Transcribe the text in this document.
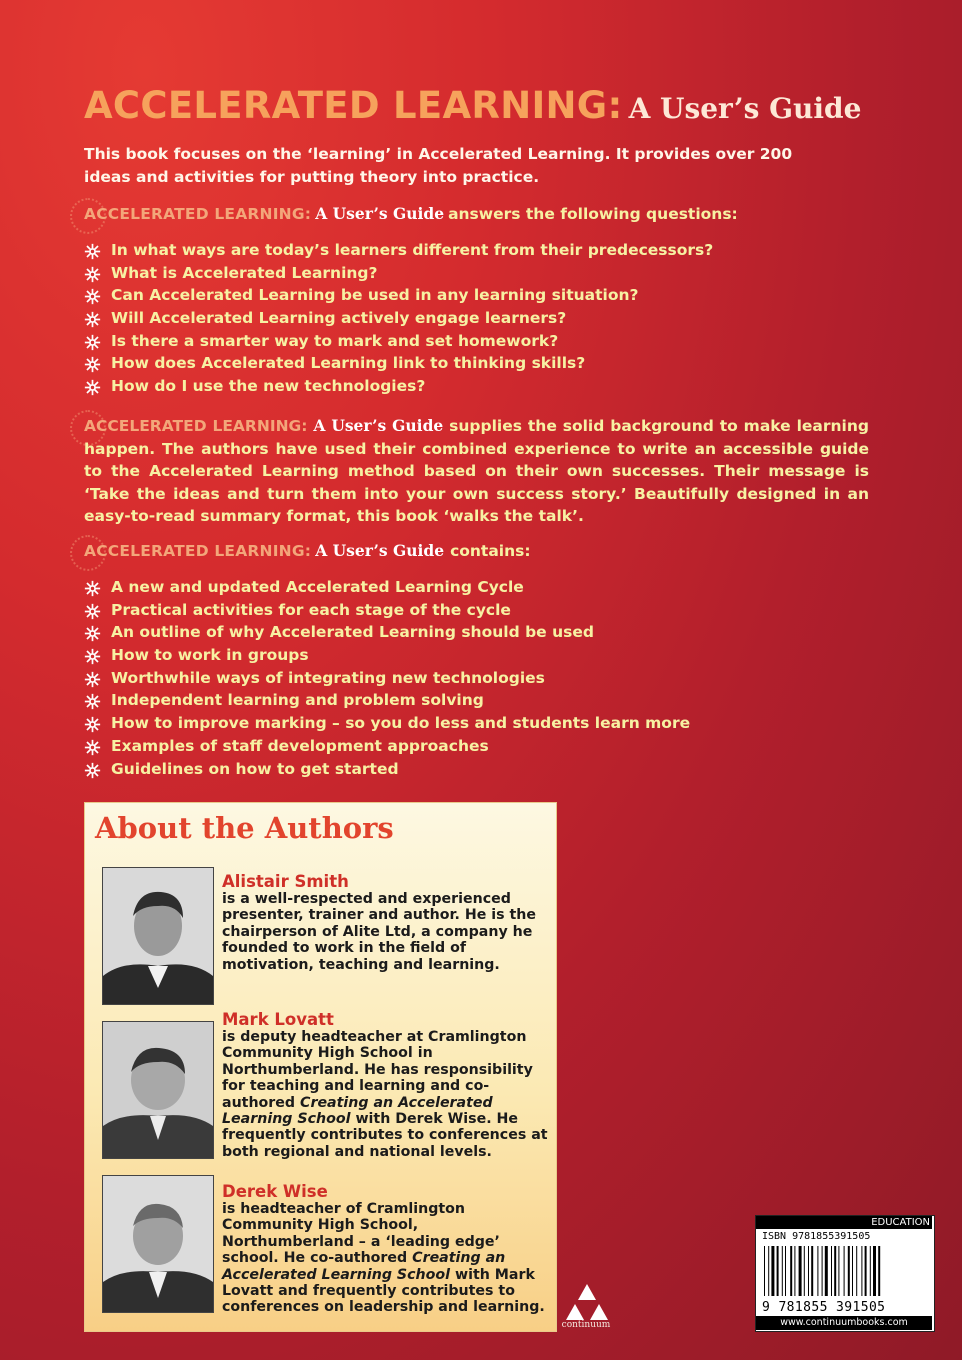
ACCELERATED LEARNING: A User’s Guide
This book focuses on the ‘learning’ in Accelerated Learning. It provides over 200 ideas and activities for putting theory into practice.
ACCELERATED LEARNING: A User’s Guide answers the following questions:
In what ways are today’s learners different from their predecessors?
What is Accelerated Learning?
Can Accelerated Learning be used in any learning situation?
Will Accelerated Learning actively engage learners?
Is there a smarter way to mark and set homework?
How does Accelerated Learning link to thinking skills?
How do I use the new technologies?
ACCELERATED LEARNING: A User’s Guide supplies the solid background to make learning happen. The authors have used their combined experience to write an accessible guide to the Accelerated Learning method based on their own successes. Their message is ‘Take the ideas and turn them into your own success story.’ Beautifully designed in an easy-to-read summary format, this book ‘walks the talk’.
ACCELERATED LEARNING: A User’s Guide contains:
A new and updated Accelerated Learning Cycle
Practical activities for each stage of the cycle
An outline of why Accelerated Learning should be used
How to work in groups
Worthwhile ways of integrating new technologies
Independent learning and problem solving
How to improve marking – so you do less and students learn more
Examples of staff development approaches
Guidelines on how to get started
About the Authors
Alistair Smith
is a well-respected and experienced presenter, trainer and author. He is the chairperson of Alite Ltd, a company he founded to work in the field of motivation, teaching and learning.
Mark Lovatt
is deputy headteacher at Cramlington Community High School in Northumberland. He has responsibility for teaching and learning and co-authored Creating an Accelerated Learning School with Derek Wise. He frequently contributes to conferences at both regional and national levels.
Derek Wise
is headteacher of Cramlington Community High School, Northumberland – a ‘leading edge’ school. He co-authored Creating an Accelerated Learning School with Mark Lovatt and frequently contributes to conferences on leadership and learning.
continuum
EDUCATION
ISBN 9781855391505
9 781855 391505
www.continuumbooks.com
